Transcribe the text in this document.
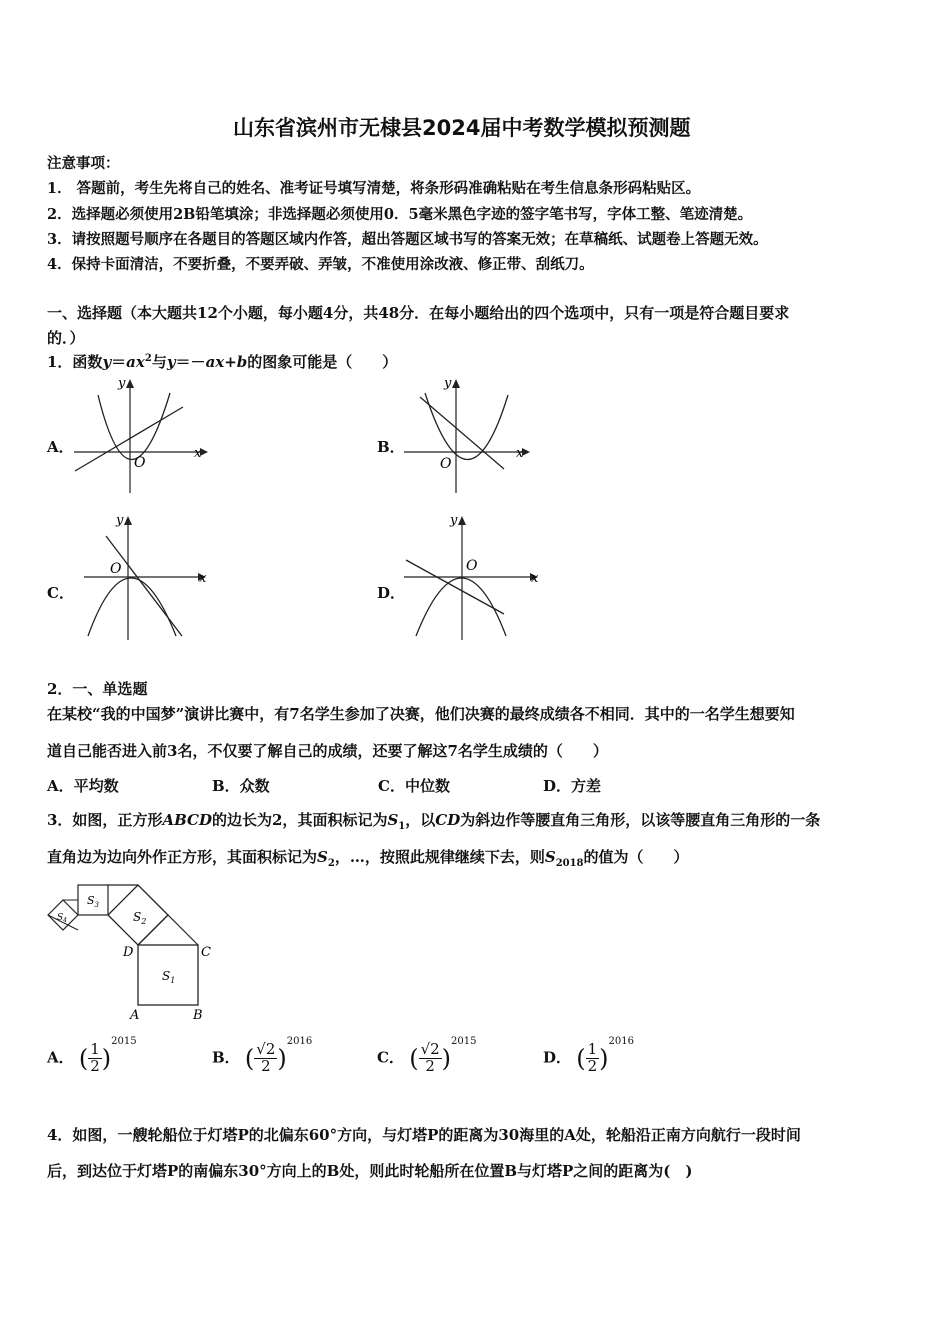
山东省滨州市无棣县2024届中考数学模拟预测题
注意事项：
1． 答题前，考生先将自己的姓名、准考证号填写清楚，将条形码准确粘贴在考生信息条形码粘贴区。
2．选择题必须使用2B铅笔填涂；非选择题必须使用0．5毫米黑色字迹的签字笔书写，字体工整、笔迹清楚。
3．请按照题号顺序在各题目的答题区域内作答，超出答题区域书写的答案无效；在草稿纸、试题卷上答题无效。
4．保持卡面清洁，不要折叠，不要弄破、弄皱，不准使用涂改液、修正带、刮纸刀。
一、选择题（本大题共12个小题，每小题4分，共48分．在每小题给出的四个选项中，只有一项是符合题目要求
的．）
1．函数$y=ax^2$与y＝－ax+b的图象可能是（　　）
A．	B．
C．	D．
x
y
O
x
y
O
x
y
O
x
y
O
2．一、单选题
在某校“我的中国梦”演讲比赛中，有7名学生参加了决赛，他们决赛的最终成绩各不相同．其中的一名学生想要知
道自己能否进入前3名，不仅要了解自己的成绩，还要了解这7名学生成绩的（　　）
A．平均数	B．众数	C．中位数	D．方差
3．如图，正方形ABCD的边长为2，其面积标记为$S_1$，以CD为斜边作等腰直角三角形，以该等腰直角三角形的一条
直角边为边向外作正方形，其面积标记为$S_2$，…，按照此规律继续下去，则$S_{2018}$的值为（　　）
$S_1$
$S_2$
$S_3$
$S_4$
A	B
C
D
A． ( $\frac{1}{2} )^{2015}$
B． ( $\frac{√2}{2} )^{2016}$
C． ( $\frac{√2}{2} )^{2015}$
D． ( $\frac{1}{2} )^{2016}$
4．如图，一艘轮船位于灯塔P的北偏东60°方向，与灯塔P的距离为30海里的A处，轮船沿正南方向航行一段时间
后，到达位于灯塔P的南偏东30°方向上的B处，则此时轮船所在位置B与灯塔P之间的距离为(　)
